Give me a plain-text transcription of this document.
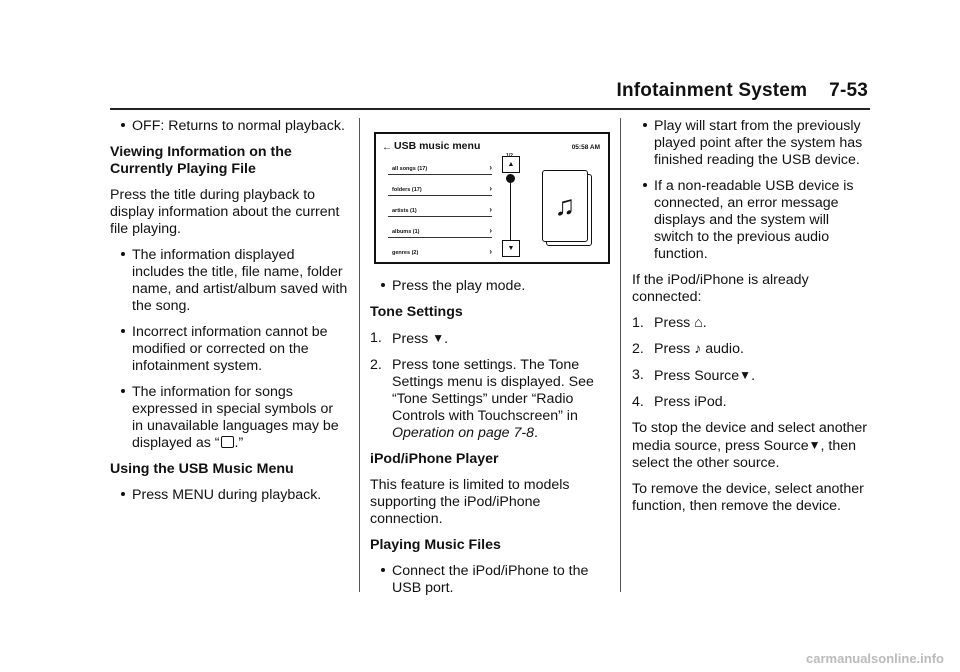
Infotainment System 7-53
OFF: Returns to normal playback.

Viewing Information on the Currently Playing File

Press the title during playback to display information about the current file playing.

The information displayed includes the title, file name, folder name, and artist/album saved with the song.
Incorrect information cannot be modified or corrected on the infotainment system.
The information for songs expressed in special symbols or in unavailable languages may be displayed as “ .”

Using the USB Music Menu

Press MENU during playback.
← USB music menu	05:58 AM
all songs (17)	›
folders (17)	›
artists (1)	›
albums (1)	›
genres (2)	›
1/2
▲
▼
♫
Press the play mode.

Tone Settings

1. Press ▼.
2. Press tone settings. The Tone Settings menu is displayed. See “Tone Settings” under “Radio Controls with Touchscreen” in Operation on page 7-8.

iPod/iPhone Player

This feature is limited to models supporting the iPod/iPhone connection.

Playing Music Files

Connect the iPod/iPhone to the USB port.
Play will start from the previously played point after the system has finished reading the USB device.
If a non-readable USB device is connected, an error message displays and the system will switch to the previous audio function.

If the iPod/iPhone is already connected:

1. Press ⌂.
2. Press ♪ audio.
3. Press Source▼.
4. Press iPod.

To stop the device and select another media source, press Source▼, then select the other source.

To remove the device, select another function, then remove the device.

carmanualsonline.info
